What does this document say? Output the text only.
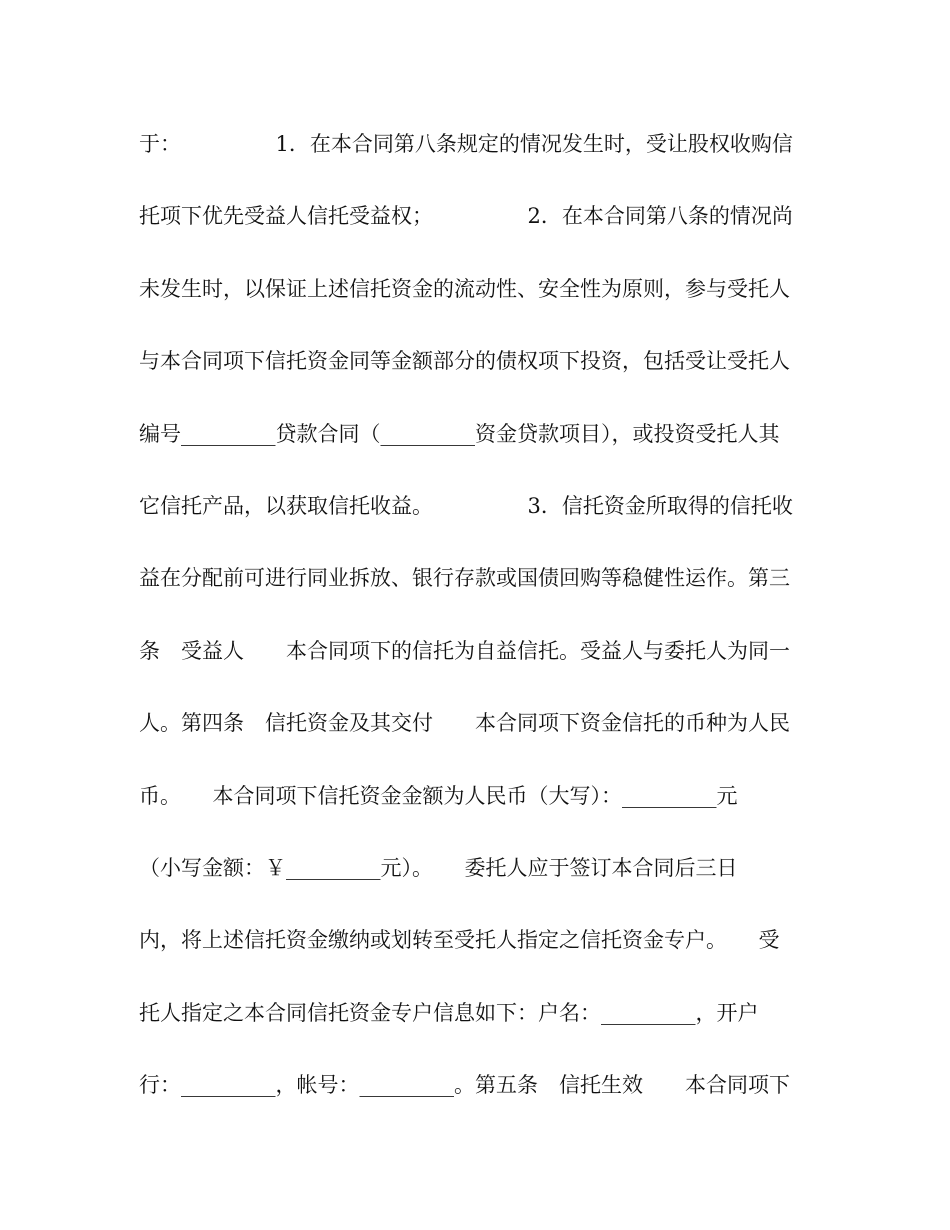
于：　　　　　1．在本合同第八条规定的情况发生时，受让股权收购信
托项下优先受益人信托受益权；　　　　　2．在本合同第八条的情况尚
未发生时，以保证上述信托资金的流动性、安全性为原则，参与受托人
与本合同项下信托资金同等金额部分的债权项下投资，包括受让受托人
编号_________贷款合同（_________资金贷款项目），或投资受托人其
它信托产品，以获取信托收益。　　　　　3．信托资金所取得的信托收
益在分配前可进行同业拆放、银行存款或国债回购等稳健性运作。第三
条　受益人　　本合同项下的信托为自益信托。受益人与委托人为同一
人。第四条　信托资金及其交付　　本合同项下资金信托的币种为人民
币。　　本合同项下信托资金金额为人民币（大写）：_________元
（小写金额：￥_________元）。　　委托人应于签订本合同后三日
内，将上述信托资金缴纳或划转至受托人指定之信托资金专户。　　受
托人指定之本合同信托资金专户信息如下：户名：_________，开户
行：_________，帐号：_________。第五条　信托生效　　本合同项下
